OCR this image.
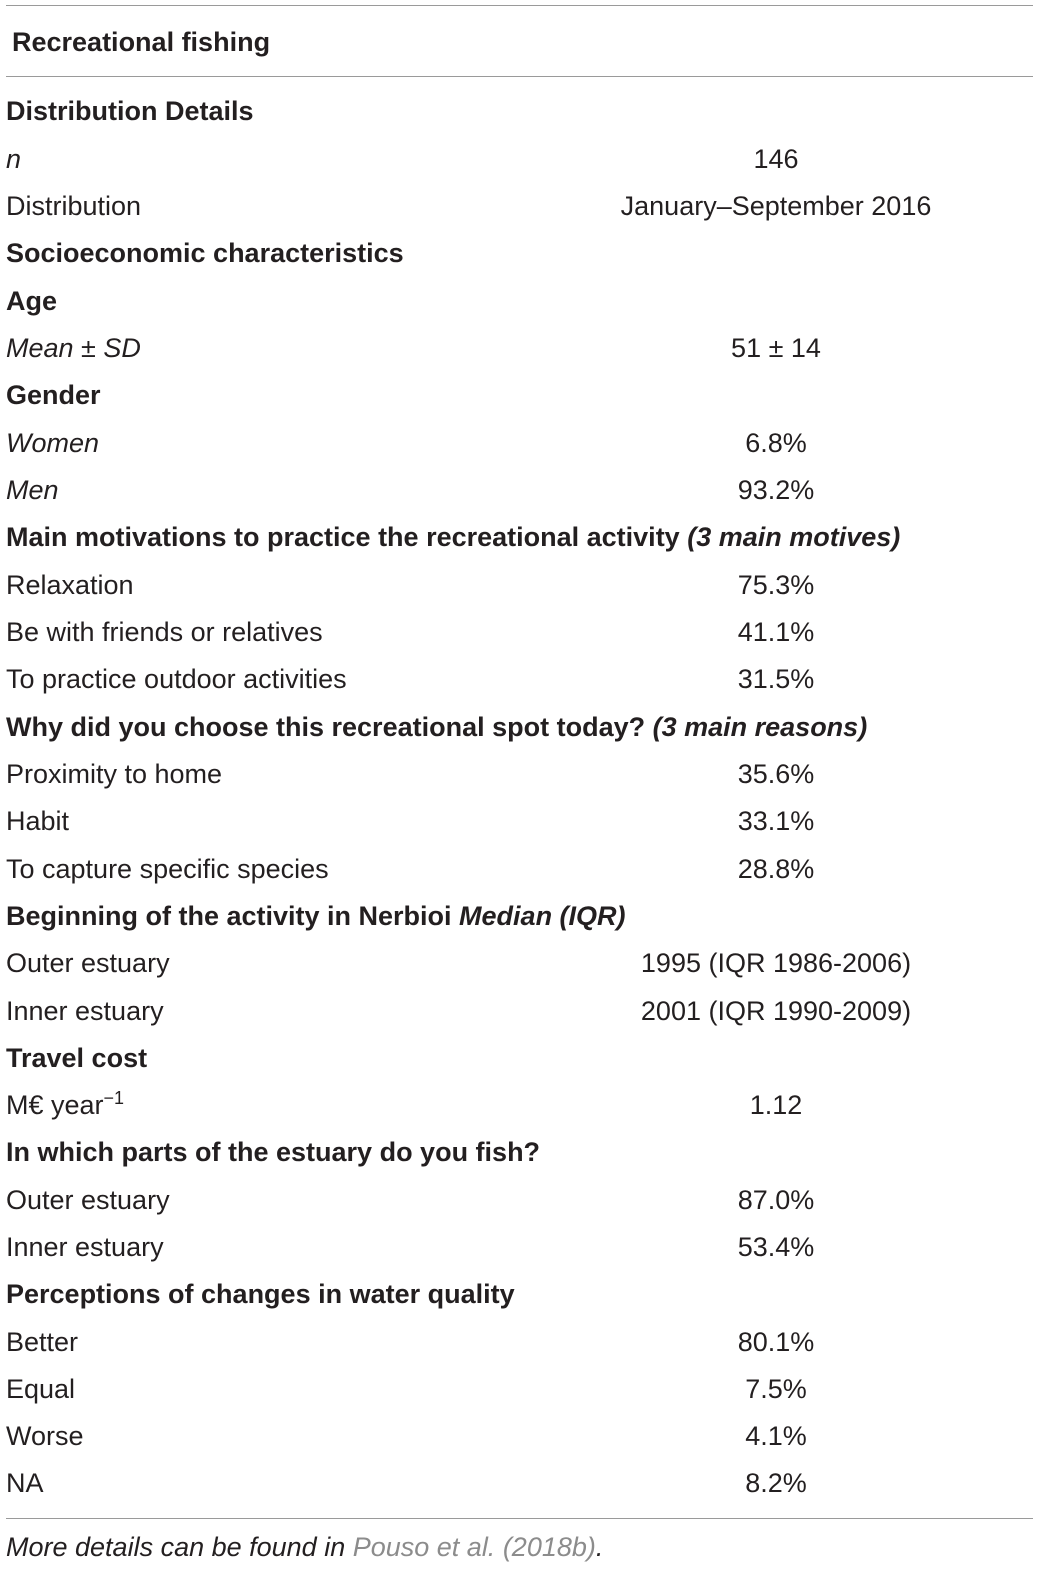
Recreational fishing
Distribution Details
n	146
Distribution	January–September 2016
Socioeconomic characteristics
Age
Mean ± SD	51 ± 14
Gender
Women	6.8%
Men	93.2%
Main motivations to practice the recreational activity (3 main motives)
Relaxation	75.3%
Be with friends or relatives	41.1%
To practice outdoor activities	31.5%
Why did you choose this recreational spot today? (3 main reasons)
Proximity to home	35.6%
Habit	33.1%
To capture specific species	28.8%
Beginning of the activity in Nerbioi Median (IQR)
Outer estuary	1995 (IQR 1986-2006)
Inner estuary	2001 (IQR 1990-2009)
Travel cost
M€ year$^{-1}$	1.12
In which parts of the estuary do you fish?
Outer estuary	87.0%
Inner estuary	53.4%
Perceptions of changes in water quality
Better	80.1%
Equal	7.5%
Worse	4.1%
NA	8.2%
More details can be found in Pouso et al. (2018b).
